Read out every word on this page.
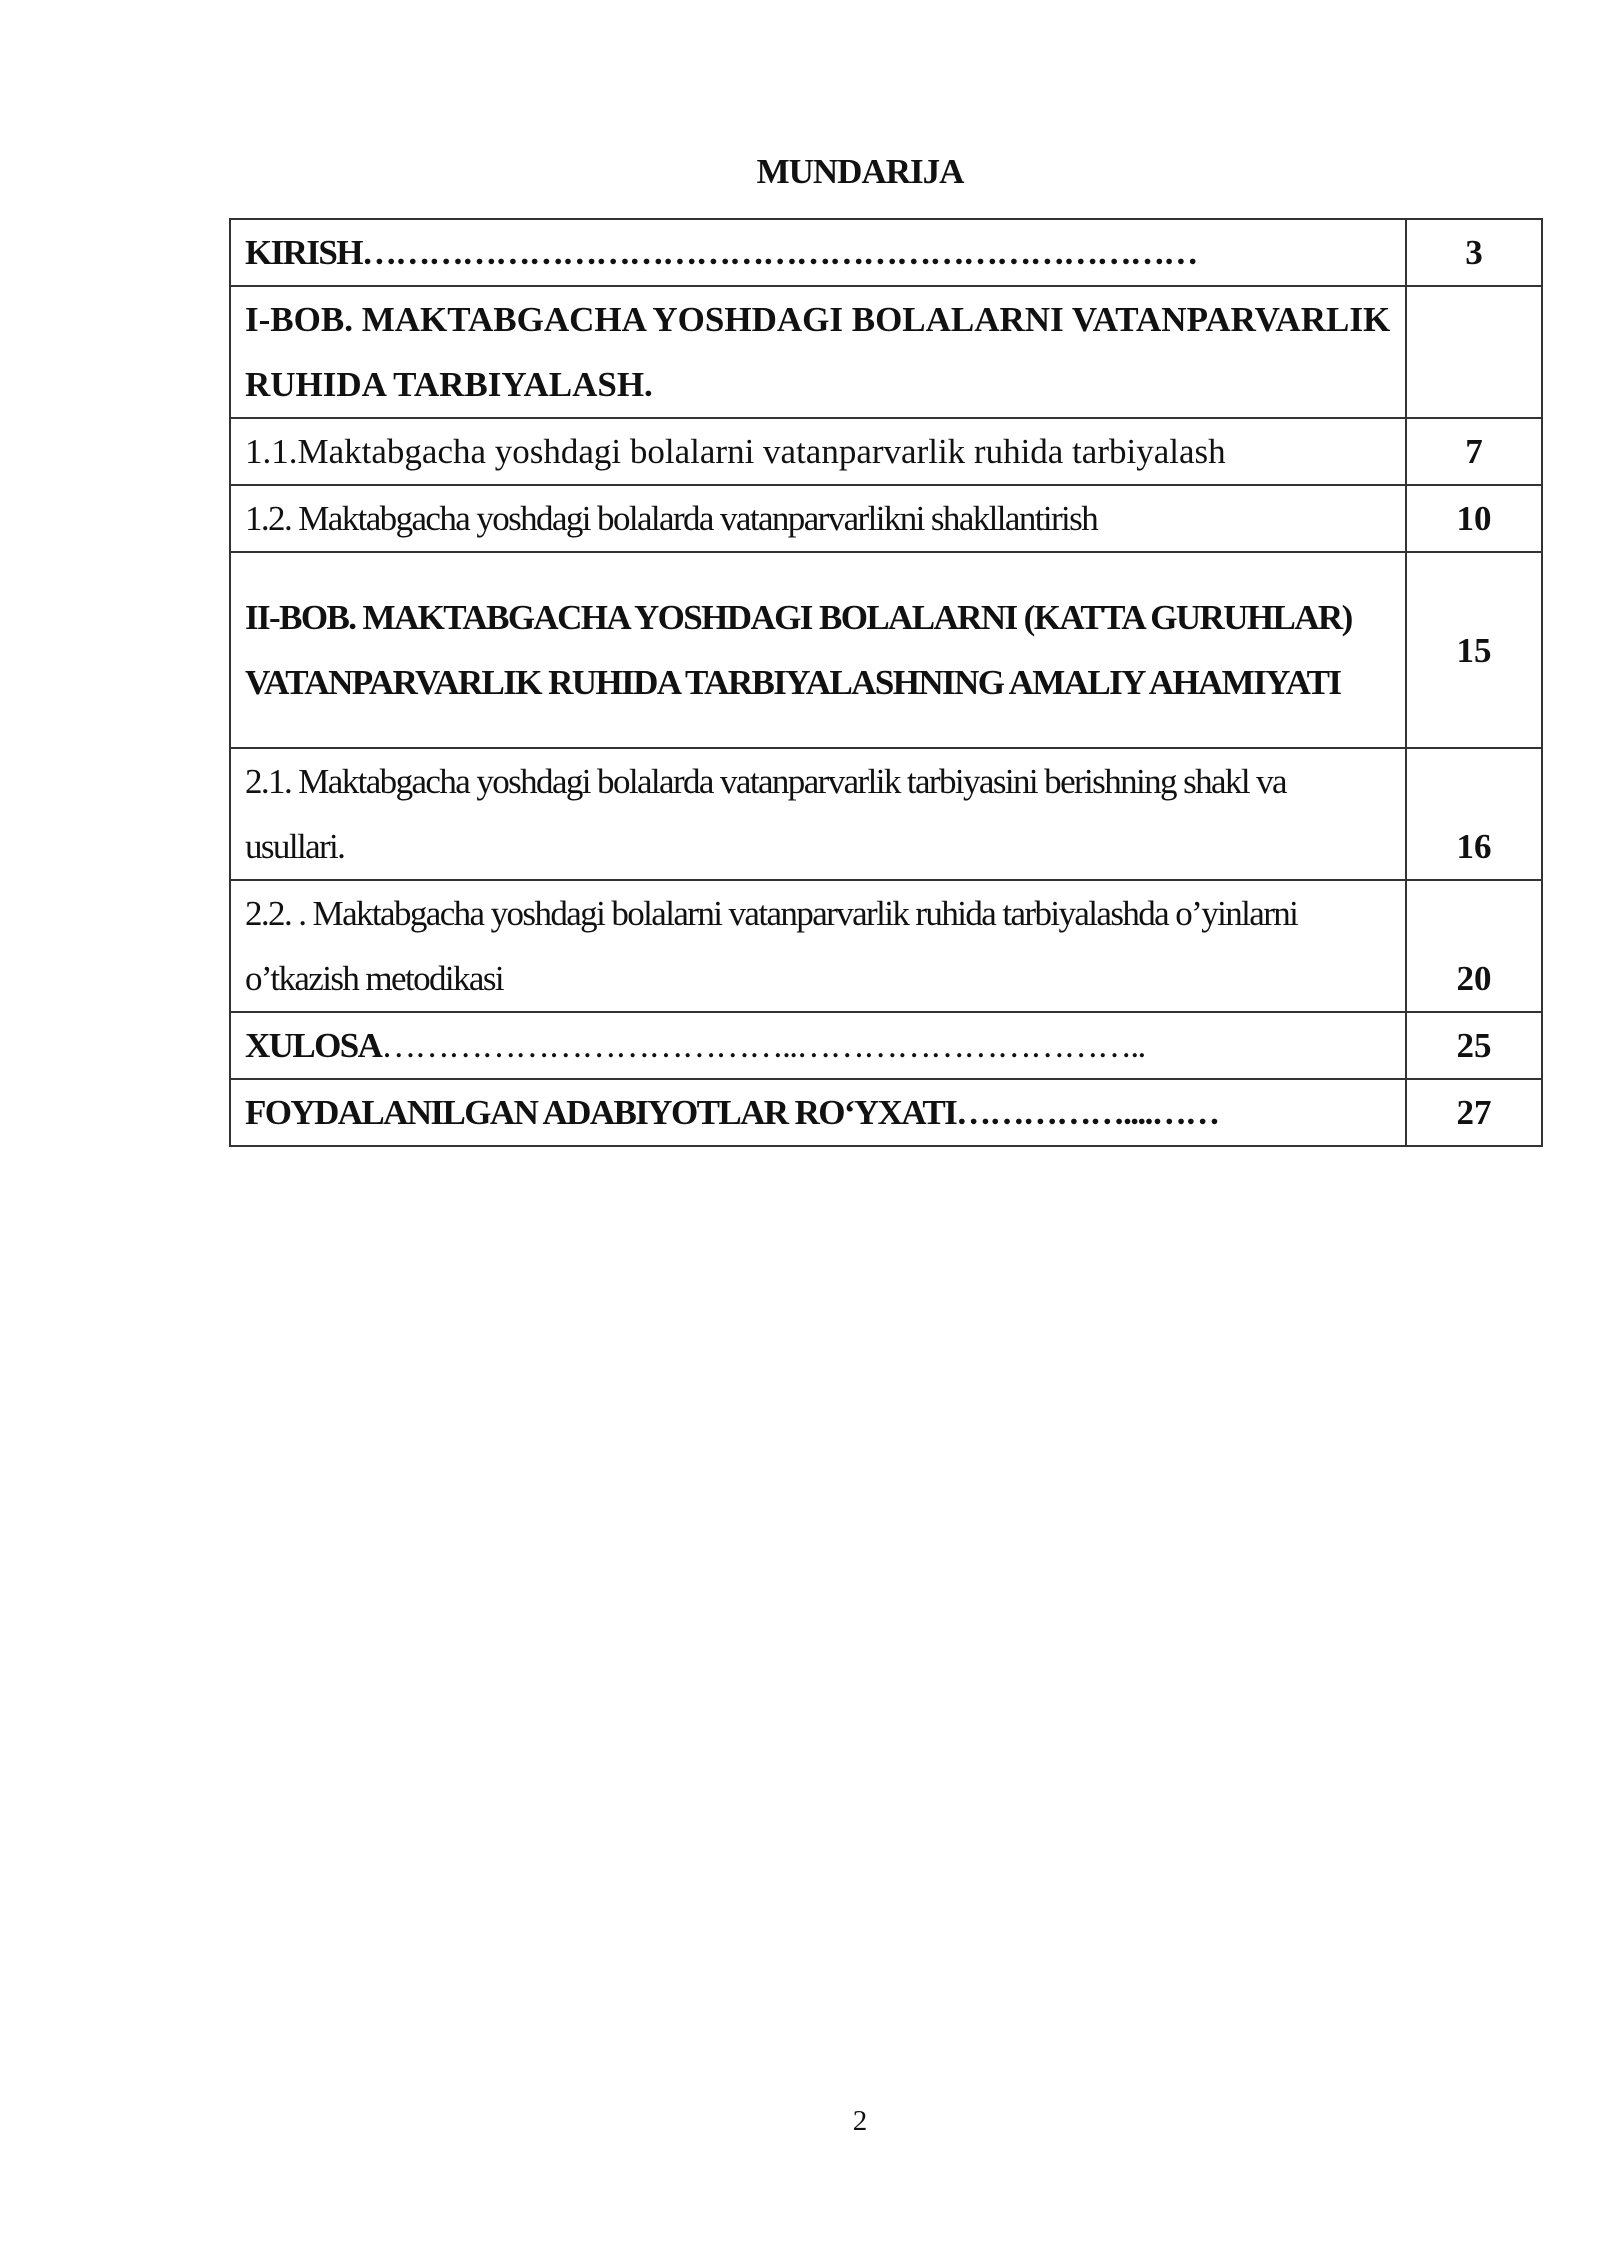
MUNDARIJA
KIRISH…………………………………………………………………	3
I-BOB. MAKTABGACHA YOSHDAGI BOLALARNI VATANPARVARLIK RUHIDA TARBIYALASH.	
1.1.Maktabgacha yoshdagi bolalarni vatanparvarlik ruhida tarbiyalash	7
1.2. Maktabgacha yoshdagi bolalarda vatanparvarlikni shakllantirish	10
II-BOB. MAKTABGACHA YOSHDAGI BOLALARNI (KATTA GURUHLAR) VATANPARVARLIK RUHIDA TARBIYALASHNING AMALIY AHAMIYATI	15
2.1. Maktabgacha yoshdagi bolalarda vatanparvarlik tarbiyasini berishning shakl va usullari.	16
2.2. . Maktabgacha yoshdagi bolalarni vatanparvarlik ruhida tarbiyalashda o’yinlarni o’tkazish metodikasi	20
XULOSA………………………………..…………………………..	25
FOYDALANILGAN ADABIYOTLAR RO‘YXATI……………....……	27
2
